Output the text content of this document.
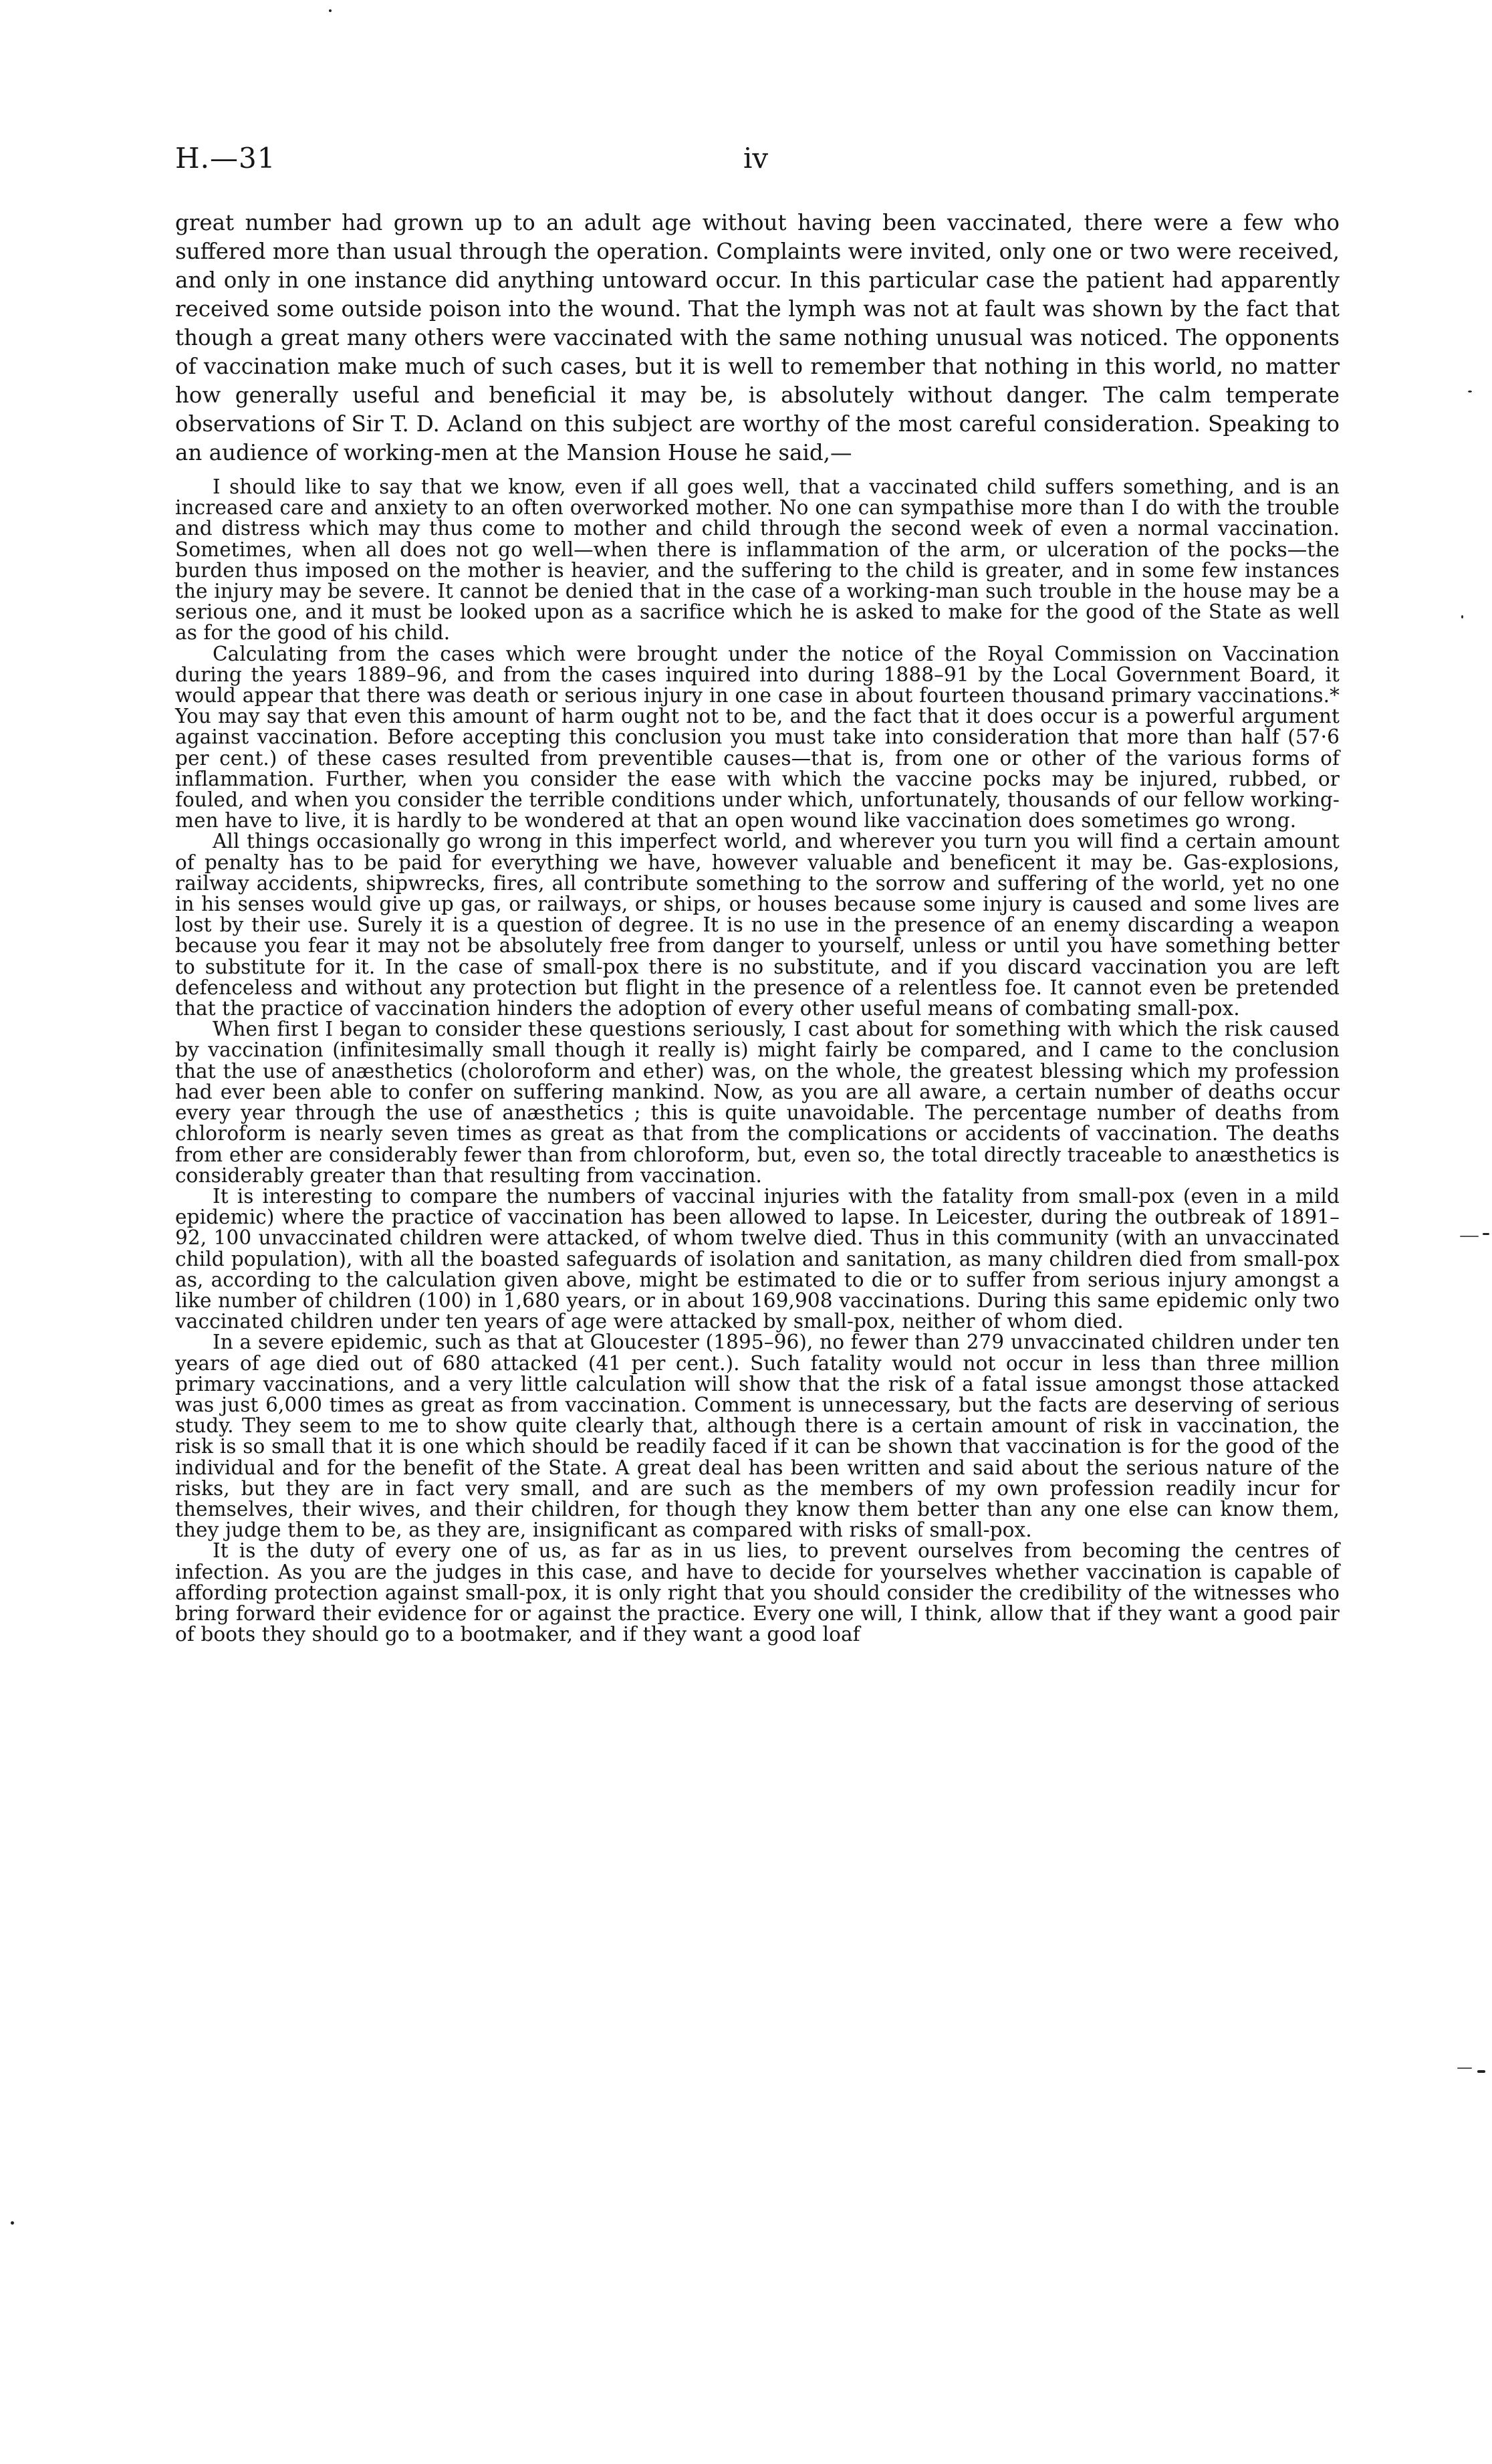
H.—31	iv

great number had grown up to an adult age without having been vaccinated, there were a few who suffered more than usual through the operation. Complaints were invited, only one or two were received, and only in one instance did anything untoward occur. In this particular case the patient had apparently received some outside poison into the wound. That the lymph was not at fault was shown by the fact that though a great many others were vaccinated with the same nothing unusual was noticed. The opponents of vaccination make much of such cases, but it is well to remember that nothing in this world, no matter how generally useful and beneficial it may be, is absolutely without danger. The calm temperate observations of Sir T. D. Acland on this subject are worthy of the most careful consideration. Speaking to an audience of working-men at the Mansion House he said,—

I should like to say that we know, even if all goes well, that a vaccinated child suffers something, and is an increased care and anxiety to an often overworked mother. No one can sympathise more than I do with the trouble and distress which may thus come to mother and child through the second week of even a normal vaccination. Sometimes, when all does not go well—when there is inflammation of the arm, or ulceration of the pocks—the burden thus imposed on the mother is heavier, and the suffering to the child is greater, and in some few instances the injury may be severe. It cannot be denied that in the case of a working-man such trouble in the house may be a serious one, and it must be looked upon as a sacrifice which he is asked to make for the good of the State as well as for the good of his child.

Calculating from the cases which were brought under the notice of the Royal Commission on Vaccination during the years 1889–96, and from the cases inquired into during 1888–91 by the Local Government Board, it would appear that there was death or serious injury in one case in about fourteen thousand primary vaccinations.* You may say that even this amount of harm ought not to be, and the fact that it does occur is a powerful argument against vaccination. Before accepting this conclusion you must take into consideration that more than half (57·6 per cent.) of these cases resulted from preventible causes—that is, from one or other of the various forms of inflammation. Further, when you consider the ease with which the vaccine pocks may be injured, rubbed, or fouled, and when you consider the terrible conditions under which, unfortunately, thousands of our fellow working-men have to live, it is hardly to be wondered at that an open wound like vaccination does sometimes go wrong.

All things occasionally go wrong in this imperfect world, and wherever you turn you will find a certain amount of penalty has to be paid for everything we have, however valuable and beneficent it may be. Gas-explosions, railway accidents, shipwrecks, fires, all contribute something to the sorrow and suffering of the world, yet no one in his senses would give up gas, or railways, or ships, or houses because some injury is caused and some lives are lost by their use. Surely it is a question of degree. It is no use in the presence of an enemy discarding a weapon because you fear it may not be absolutely free from danger to yourself, unless or until you have something better to substitute for it. In the case of small-pox there is no substitute, and if you discard vaccination you are left defenceless and without any protection but flight in the presence of a relentless foe. It cannot even be pretended that the practice of vaccination hinders the adoption of every other useful means of combating small-pox.

When first I began to consider these questions seriously, I cast about for something with which the risk caused by vaccination (infinitesimally small though it really is) might fairly be compared, and I came to the conclusion that the use of anæsthetics (choloroform and ether) was, on the whole, the greatest blessing which my profession had ever been able to confer on suffering mankind. Now, as you are all aware, a certain number of deaths occur every year through the use of anæsthetics ; this is quite unavoidable. The percentage number of deaths from chloroform is nearly seven times as great as that from the complications or accidents of vaccination. The deaths from ether are considerably fewer than from chloroform, but, even so, the total directly traceable to anæsthetics is considerably greater than that resulting from vaccination.

It is interesting to compare the numbers of vaccinal injuries with the fatality from small-pox (even in a mild epidemic) where the practice of vaccination has been allowed to lapse. In Leicester, during the outbreak of 1891–92, 100 unvaccinated children were attacked, of whom twelve died. Thus in this community (with an unvaccinated child population), with all the boasted safeguards of isolation and sanitation, as many children died from small-pox as, according to the calculation given above, might be estimated to die or to suffer from serious injury amongst a like number of children (100) in 1,680 years, or in about 169,908 vaccinations. During this same epidemic only two vaccinated children under ten years of age were attacked by small-pox, neither of whom died.

In a severe epidemic, such as that at Gloucester (1895–96), no fewer than 279 unvaccinated children under ten years of age died out of 680 attacked (41 per cent.). Such fatality would not occur in less than three million primary vaccinations, and a very little calculation will show that the risk of a fatal issue amongst those attacked was just 6,000 times as great as from vaccination. Comment is unnecessary, but the facts are deserving of serious study. They seem to me to show quite clearly that, although there is a certain amount of risk in vaccination, the risk is so small that it is one which should be readily faced if it can be shown that vaccination is for the good of the individual and for the benefit of the State. A great deal has been written and said about the serious nature of the risks, but they are in fact very small, and are such as the members of my own profession readily incur for themselves, their wives, and their children, for though they know them better than any one else can know them, they judge them to be, as they are, insignificant as compared with risks of small-pox.

It is the duty of every one of us, as far as in us lies, to prevent ourselves from becoming the centres of infection. As you are the judges in this case, and have to decide for yourselves whether vaccination is capable of affording protection against small-pox, it is only right that you should consider the credibility of the witnesses who bring forward their evidence for or against the practice. Every one will, I think, allow that if they want a good pair of boots they should go to a bootmaker, and if they want a good loaf
